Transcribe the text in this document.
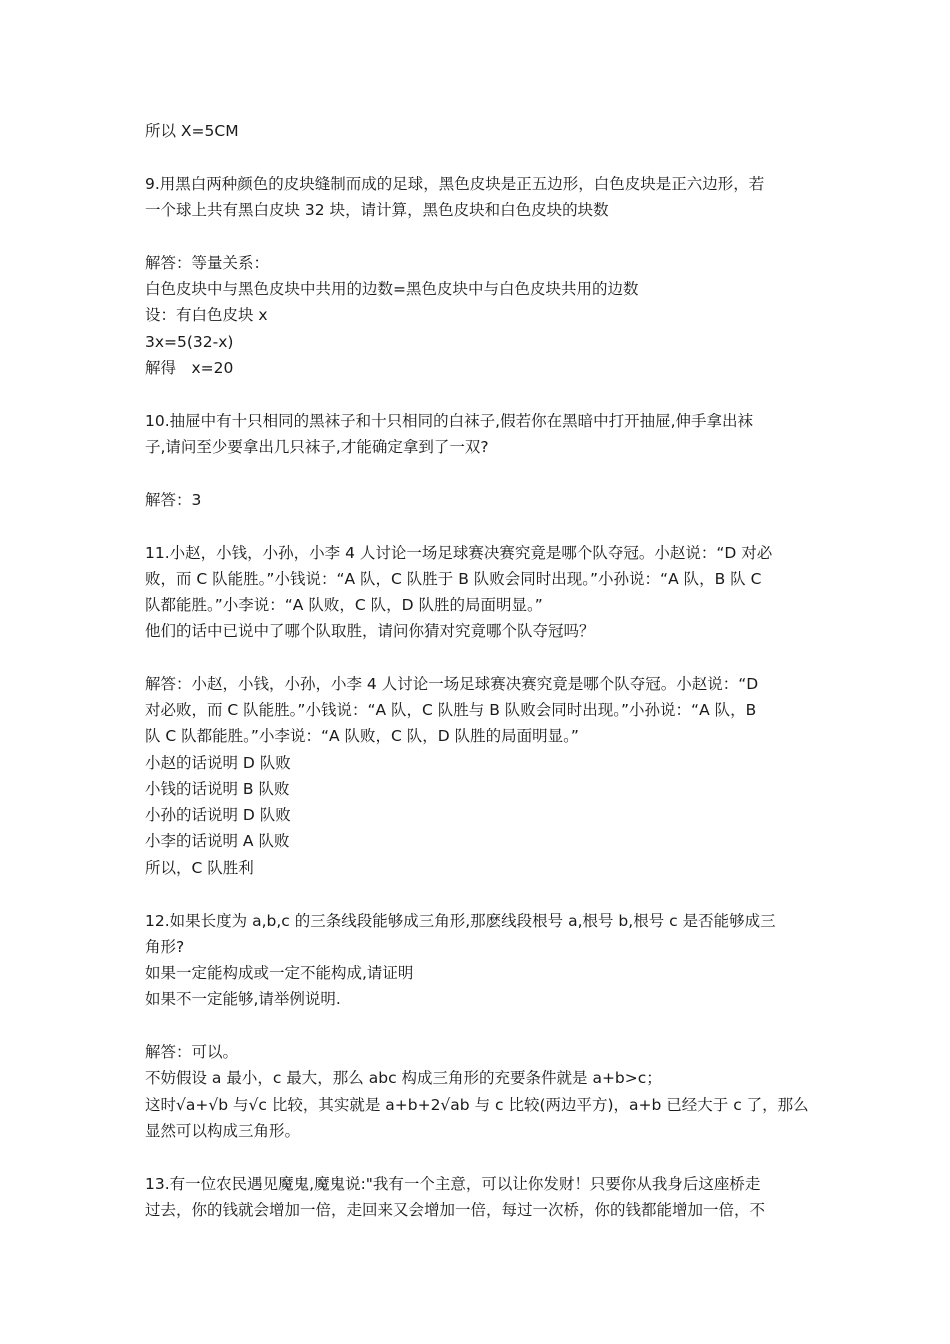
所以 X=5CM
9.用黑白两种颜色的皮块缝制而成的足球，黑色皮块是正五边形，白色皮块是正六边形，若
一个球上共有黑白皮块 32 块，请计算，黑色皮块和白色皮块的块数
解答：等量关系：
白色皮块中与黑色皮块中共用的边数=黑色皮块中与白色皮块共用的边数
设：有白色皮块 x
3x=5(32-x)
解得　x=20
10.抽屉中有十只相同的黑袜子和十只相同的白袜子,假若你在黑暗中打开抽屉,伸手拿出袜
子,请问至少要拿出几只袜子,才能确定拿到了一双?
解答：3
11.小赵，小钱，小孙，小李 4 人讨论一场足球赛决赛究竟是哪个队夺冠。小赵说：“D 对必
败，而 C 队能胜。”小钱说：“A 队，C 队胜于 B 队败会同时出现。”小孙说：“A 队，B 队 C
队都能胜。”小李说：“A 队败，C 队，D 队胜的局面明显。”
他们的话中已说中了哪个队取胜，请问你猜对究竟哪个队夺冠吗？
解答：小赵，小钱，小孙，小李 4 人讨论一场足球赛决赛究竟是哪个队夺冠。小赵说：“D
对必败，而 C 队能胜。”小钱说：“A 队，C 队胜与 B 队败会同时出现。”小孙说：“A 队，B
队 C 队都能胜。”小李说：“A 队败，C 队，D 队胜的局面明显。”
小赵的话说明 D 队败
小钱的话说明 B 队败
小孙的话说明 D 队败
小李的话说明 A 队败
所以，C 队胜利
12.如果长度为 a,b,c 的三条线段能够成三角形,那麽线段根号 a,根号 b,根号 c 是否能够成三
角形?
如果一定能构成或一定不能构成,请证明
如果不一定能够,请举例说明.
解答：可以。
不妨假设 a 最小，c 最大，那么 abc 构成三角形的充要条件就是 a+b>c；
这时√a+√b 与√c 比较，其实就是 a+b+2√ab 与 c 比较(两边平方)，a+b 已经大于 c 了，那么
显然可以构成三角形。
13.有一位农民遇见魔鬼,魔鬼说:"我有一个主意，可以让你发财！只要你从我身后这座桥走
过去，你的钱就会增加一倍，走回来又会增加一倍，每过一次桥，你的钱都能增加一倍，不
